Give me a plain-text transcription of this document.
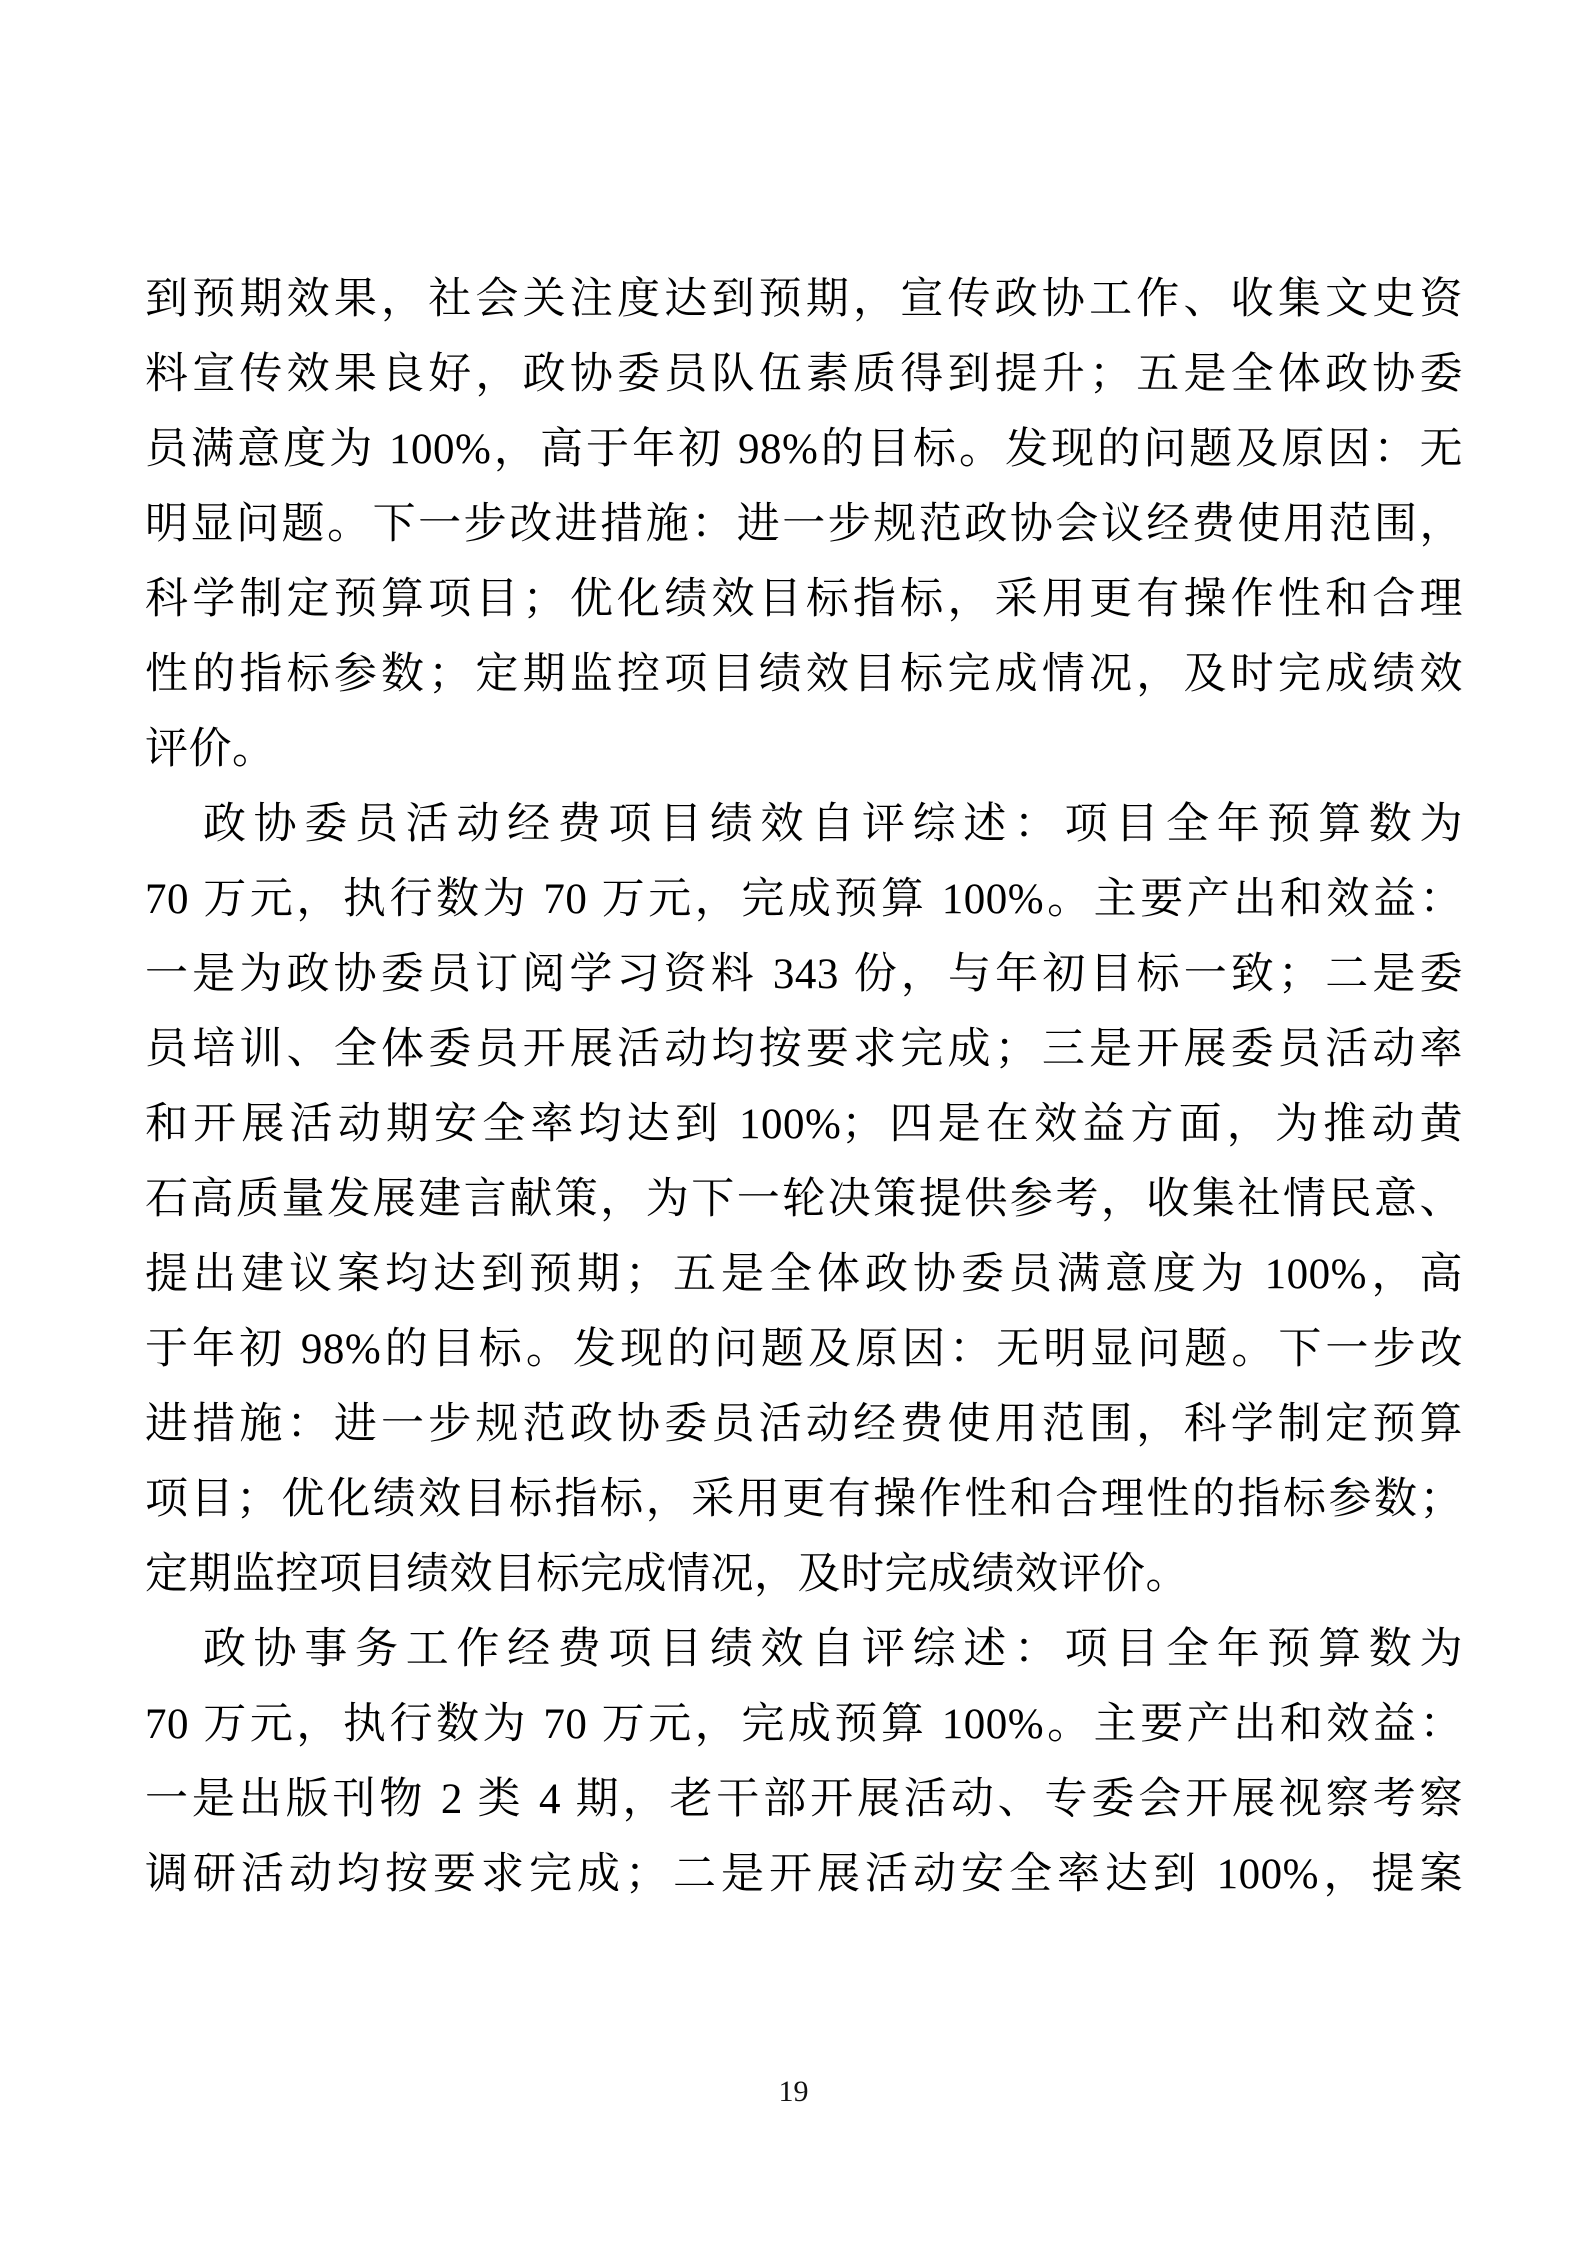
到预期效果，社会关注度达到预期，宣传政协工作、收集文史资
料宣传效果良好，政协委员队伍素质得到提升；五是全体政协委
员满意度为 100%，高于年初 98%的目标。发现的问题及原因：无
明显问题。下一步改进措施：进一步规范政协会议经费使用范围，
科学制定预算项目；优化绩效目标指标，采用更有操作性和合理
性的指标参数；定期监控项目绩效目标完成情况，及时完成绩效
评价。
政协委员活动经费项目绩效自评综述：项目全年预算数为
70 万元，执行数为 70 万元，完成预算 100%。主要产出和效益：
一是为政协委员订阅学习资料 343 份，与年初目标一致；二是委
员培训、全体委员开展活动均按要求完成；三是开展委员活动率
和开展活动期安全率均达到 100%；四是在效益方面，为推动黄
石高质量发展建言献策，为下一轮决策提供参考，收集社情民意、
提出建议案均达到预期；五是全体政协委员满意度为 100%，高
于年初 98%的目标。发现的问题及原因：无明显问题。下一步改
进措施：进一步规范政协委员活动经费使用范围，科学制定预算
项目；优化绩效目标指标，采用更有操作性和合理性的指标参数；
定期监控项目绩效目标完成情况，及时完成绩效评价。
政协事务工作经费项目绩效自评综述：项目全年预算数为
70 万元，执行数为 70 万元，完成预算 100%。主要产出和效益：
一是出版刊物 2 类 4 期，老干部开展活动、专委会开展视察考察
调研活动均按要求完成；二是开展活动安全率达到 100%，提案
19
